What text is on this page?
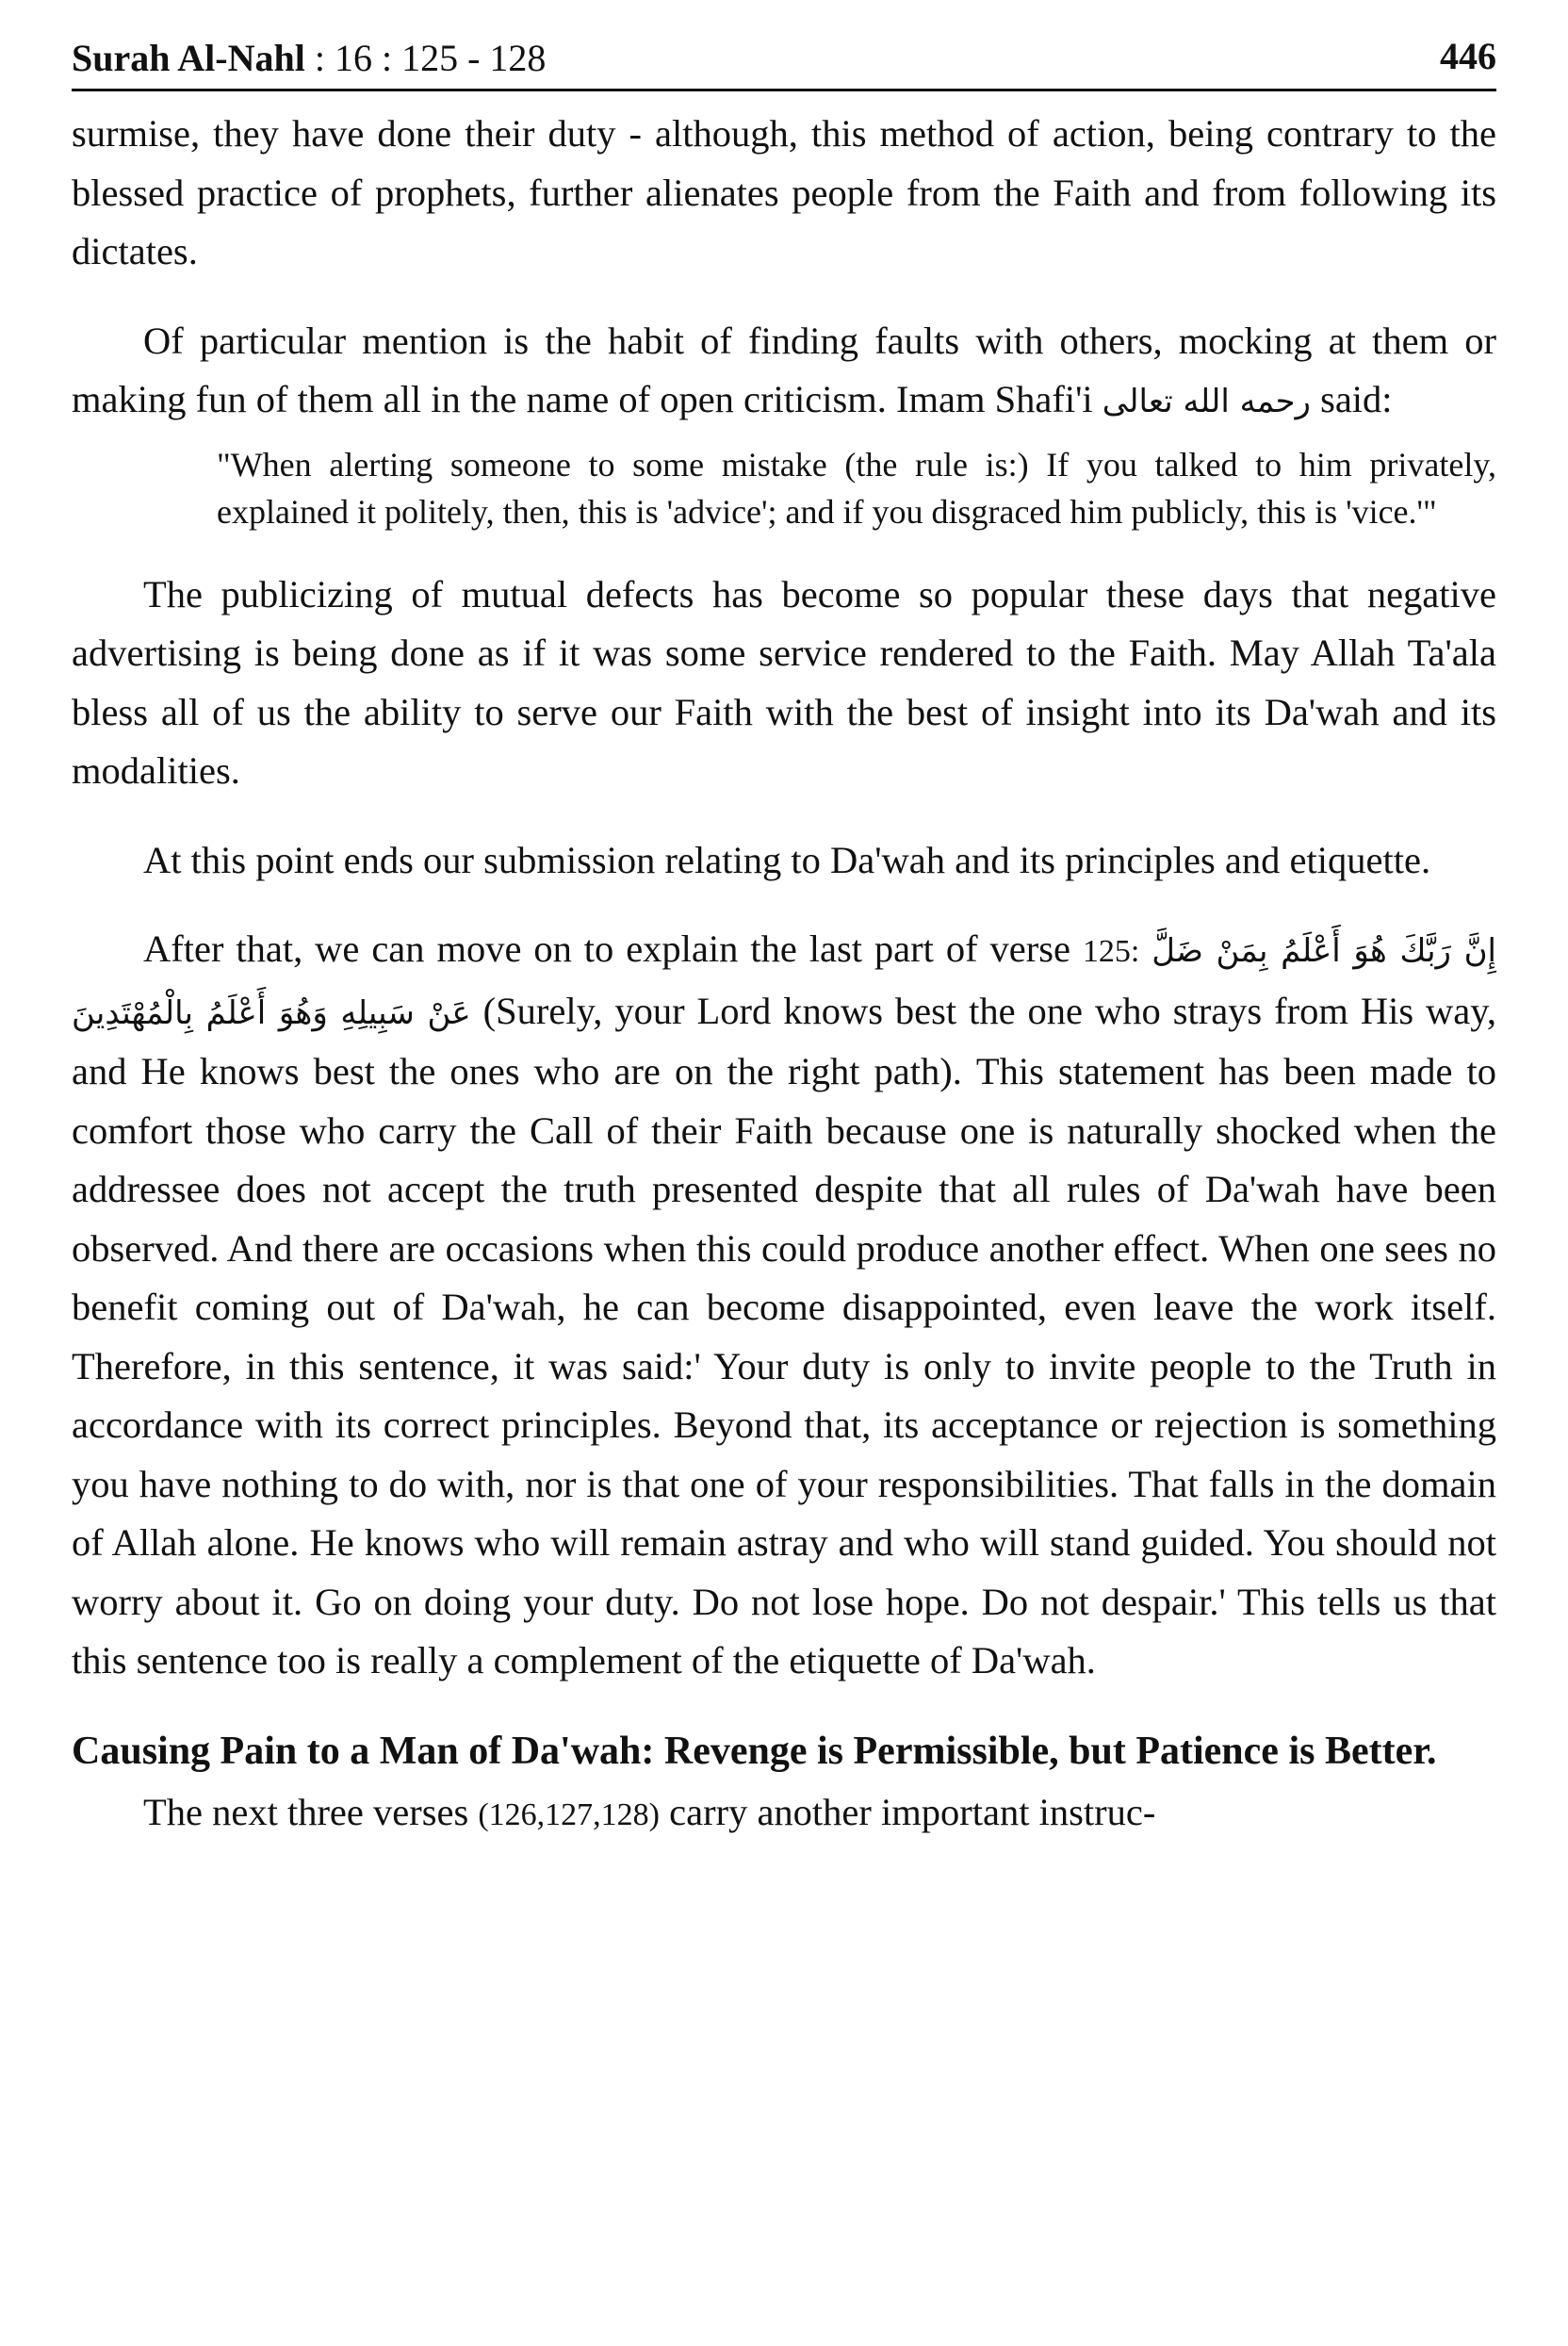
Surah Al-Nahl : 16 : 125 - 128	446

surmise, they have done their duty - although, this method of action, being contrary to the blessed practice of prophets, further alienates people from the Faith and from following its dictates.

Of particular mention is the habit of finding faults with others, mocking at them or making fun of them all in the name of open criticism. Imam Shafi'i رحمه الله تعالى said:

"When alerting someone to some mistake (the rule is:) If you talked to him privately, explained it politely, then, this is 'advice'; and if you disgraced him publicly, this is 'vice.'"

The publicizing of mutual defects has become so popular these days that negative advertising is being done as if it was some service rendered to the Faith. May Allah Ta'ala bless all of us the ability to serve our Faith with the best of insight into its Da'wah and its modalities.

At this point ends our submission relating to Da'wah and its principles and etiquette.

After that, we can move on to explain the last part of verse 125: إِنَّ رَبَّكَ هُوَ أَعْلَمُ بِمَنْ ضَلَّ عَنْ سَبِيلِهِ وَهُوَ أَعْلَمُ بِالْمُهْتَدِينَ (Surely, your Lord knows best the one who strays from His way, and He knows best the ones who are on the right path). This statement has been made to comfort those who carry the Call of their Faith because one is naturally shocked when the addressee does not accept the truth presented despite that all rules of Da'wah have been observed. And there are occasions when this could produce another effect. When one sees no benefit coming out of Da'wah, he can become disappointed, even leave the work itself. Therefore, in this sentence, it was said:' Your duty is only to invite people to the Truth in accordance with its correct principles. Beyond that, its acceptance or rejection is something you have nothing to do with, nor is that one of your responsibilities. That falls in the domain of Allah alone. He knows who will remain astray and who will stand guided. You should not worry about it. Go on doing your duty. Do not lose hope. Do not despair.' This tells us that this sentence too is really a complement of the etiquette of Da'wah.

Causing Pain to a Man of Da'wah: Revenge is Permissible, but Patience is Better.

The next three verses (126,127,128) carry another important instruc-
